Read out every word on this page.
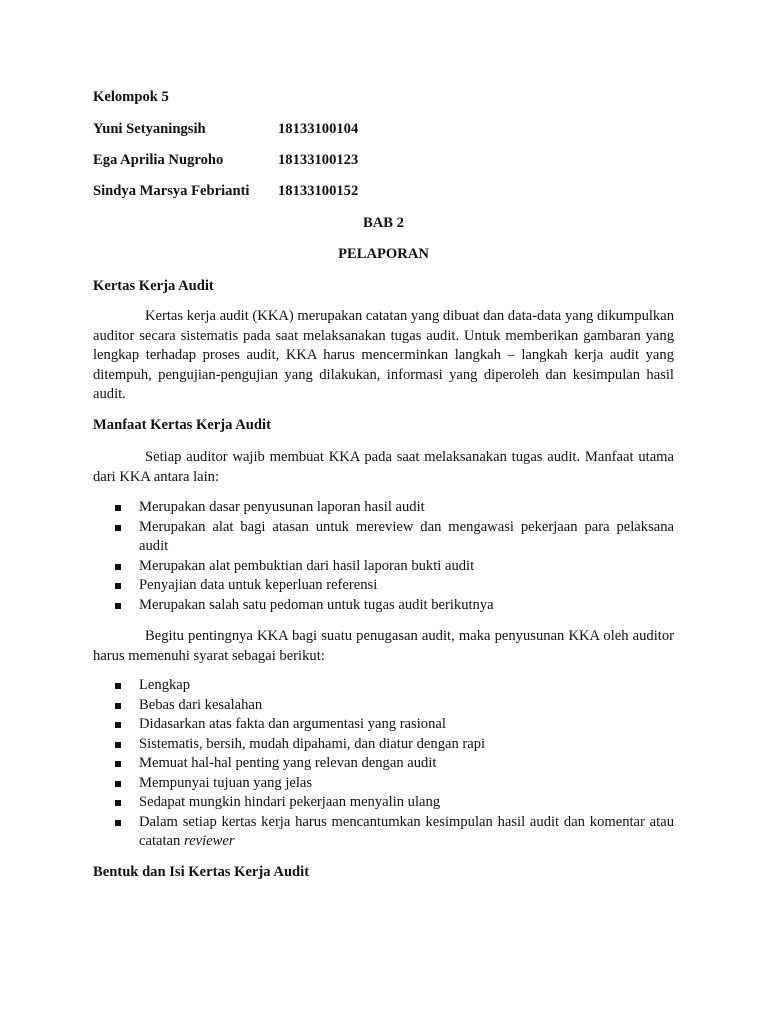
Kelompok 5
Yuni Setyaningsih	18133100104
Ega Aprilia Nugroho	18133100123
Sindya Marsya Febrianti 18133100152
BAB 2
PELAPORAN
Kertas Kerja Audit

Kertas kerja audit (KKA) merupakan catatan yang dibuat dan data-data yang dikumpulkan auditor secara sistematis pada saat melaksanakan tugas audit. Untuk memberikan gambaran yang lengkap terhadap proses audit, KKA harus mencerminkan langkah – langkah kerja audit yang ditempuh, pengujian-pengujian yang dilakukan, informasi yang diperoleh dan kesimpulan hasil audit.

Manfaat Kertas Kerja Audit

Setiap auditor wajib membuat KKA pada saat melaksanakan tugas audit. Manfaat utama dari KKA antara lain:

Merupakan dasar penyusunan laporan hasil audit
Merupakan alat bagi atasan untuk mereview dan mengawasi pekerjaan para pelaksana audit
Merupakan alat pembuktian dari hasil laporan bukti audit
Penyajian data untuk keperluan referensi
Merupakan salah satu pedoman untuk tugas audit berikutnya

Begitu pentingnya KKA bagi suatu penugasan audit, maka penyusunan KKA oleh auditor harus memenuhi syarat sebagai berikut:

Lengkap
Bebas dari kesalahan
Didasarkan atas fakta dan argumentasi yang rasional
Sistematis, bersih, mudah dipahami, dan diatur dengan rapi
Memuat hal-hal penting yang relevan dengan audit
Mempunyai tujuan yang jelas
Sedapat mungkin hindari pekerjaan menyalin ulang
Dalam setiap kertas kerja harus mencantumkan kesimpulan hasil audit dan komentar atau catatan reviewer
Bentuk dan Isi Kertas Kerja Audit
